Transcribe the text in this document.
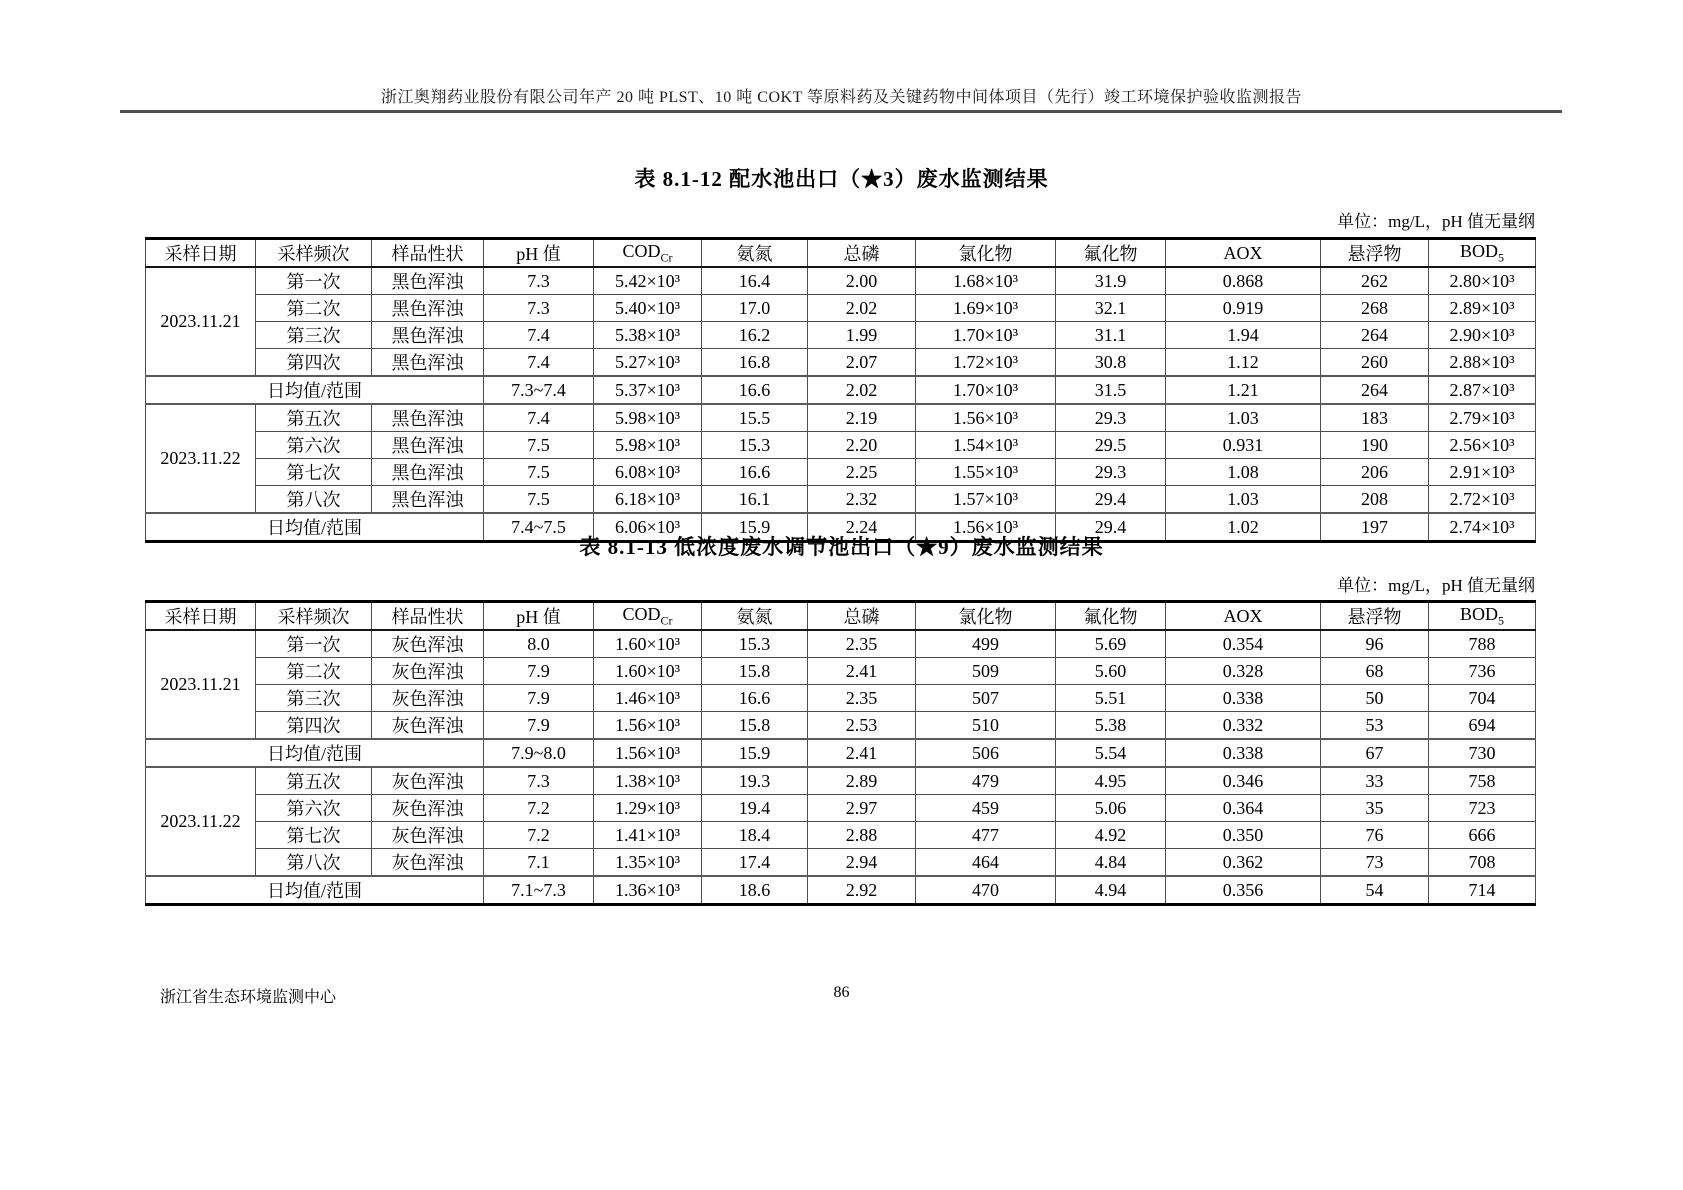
浙江奥翔药业股份有限公司年产 20 吨 PLST、10 吨 COKT 等原料药及关键药物中间体项目（先行）竣工环境保护验收监测报告
表 8.1-12 配水池出口（★3）废水监测结果
单位：mg/L，pH 值无量纲
采样日期	采样频次	样品性状	pH 值	$COD_{Cr}$	氨氮	总磷	氯化物	氟化物	AOX	悬浮物	$BOD_5$
2023.11.21	第一次	黑色浑浊	7.3	5.42×10³	16.4	2.00	1.68×10³	31.9	0.868	262	2.80×10³
	第二次	黑色浑浊	7.3	5.40×10³	17.0	2.02	1.69×10³	32.1	0.919	268	2.89×10³
	第三次	黑色浑浊	7.4	5.38×10³	16.2	1.99	1.70×10³	31.1	1.94	264	2.90×10³
	第四次	黑色浑浊	7.4	5.27×10³	16.8	2.07	1.72×10³	30.8	1.12	260	2.88×10³
日均值/范围			7.3~7.4	5.37×10³	16.6	2.02	1.70×10³	31.5	1.21	264	2.87×10³
2023.11.22	第五次	黑色浑浊	7.4	5.98×10³	15.5	2.19	1.56×10³	29.3	1.03	183	2.79×10³
	第六次	黑色浑浊	7.5	5.98×10³	15.3	2.20	1.54×10³	29.5	0.931	190	2.56×10³
	第七次	黑色浑浊	7.5	6.08×10³	16.6	2.25	1.55×10³	29.3	1.08	206	2.91×10³
	第八次	黑色浑浊	7.5	6.18×10³	16.1	2.32	1.57×10³	29.4	1.03	208	2.72×10³
日均值/范围			7.4~7.5	6.06×10³	15.9	2.24	1.56×10³	29.4	1.02	197	2.74×10³
表 8.1-13 低浓度废水调节池出口（★9）废水监测结果
单位：mg/L，pH 值无量纲
采样日期	采样频次	样品性状	pH 值	$COD_{Cr}$	氨氮	总磷	氯化物	氟化物	AOX	悬浮物	$BOD_5$
2023.11.21	第一次	灰色浑浊	8.0	1.60×10³	15.3	2.35	499	5.69	0.354	96	788
	第二次	灰色浑浊	7.9	1.60×10³	15.8	2.41	509	5.60	0.328	68	736
	第三次	灰色浑浊	7.9	1.46×10³	16.6	2.35	507	5.51	0.338	50	704
	第四次	灰色浑浊	7.9	1.56×10³	15.8	2.53	510	5.38	0.332	53	694
日均值/范围			7.9~8.0	1.56×10³	15.9	2.41	506	5.54	0.338	67	730
2023.11.22	第五次	灰色浑浊	7.3	1.38×10³	19.3	2.89	479	4.95	0.346	33	758
	第六次	灰色浑浊	7.2	1.29×10³	19.4	2.97	459	5.06	0.364	35	723
	第七次	灰色浑浊	7.2	1.41×10³	18.4	2.88	477	4.92	0.350	76	666
	第八次	灰色浑浊	7.1	1.35×10³	17.4	2.94	464	4.84	0.362	73	708
日均值/范围			7.1~7.3	1.36×10³	18.6	2.92	470	4.94	0.356	54	714
浙江省生态环境监测中心	86
